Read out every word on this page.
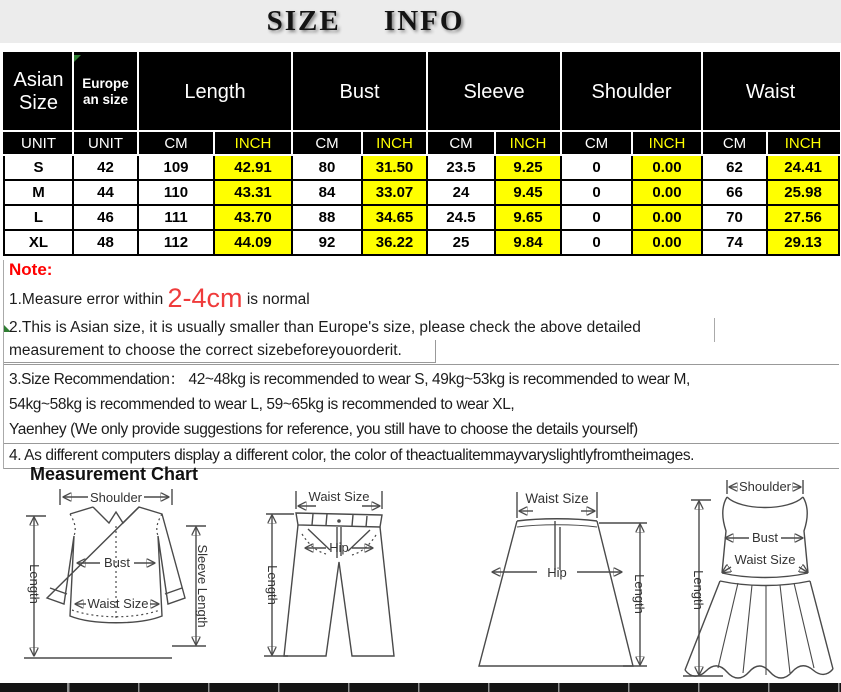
SIZE INFO
Asian Size	Europe an size	Length		Bust		Sleeve		Shoulder		Waist	
UNIT	UNIT	CM	INCH	CM	INCH	CM	INCH	CM	INCH	CM	INCH
S	42	109	42.91	80	31.50	23.5	9.25	0	0.00	62	24.41
M	44	110	43.31	84	33.07	24	9.45	0	0.00	66	25.98
L	46	111	43.70	88	34.65	24.5	9.65	0	0.00	70	27.56
XL	48	112	44.09	92	36.22	25	9.84	0	0.00	74	29.13
Note:
1.Measure error within 2-4cm is normal
2.This is Asian size, it is usually smaller than Europe's size, please check the above detailed
measurement to choose the correct sizebeforeyouorderit.
3.Size Recommendation： 42~48kg is recommended to wear S, 49kg~53kg is recommended to wear M,
54kg~58kg is recommended to wear L, 59~65kg is recommended to wear XL,
Yaenhey (We only provide suggestions for reference, you still have to choose the details yourself)
4. As different computers display a different color, the color of theactualitemmayvaryslightlyfromtheimages.
Measurement Chart
Shoulder
Bust
Waist Size
Length	Sleeve Length
Waist Size
Hip
Length
Waist Size
Hip
Length
Shoulder
Bust
Waist Size
Length
